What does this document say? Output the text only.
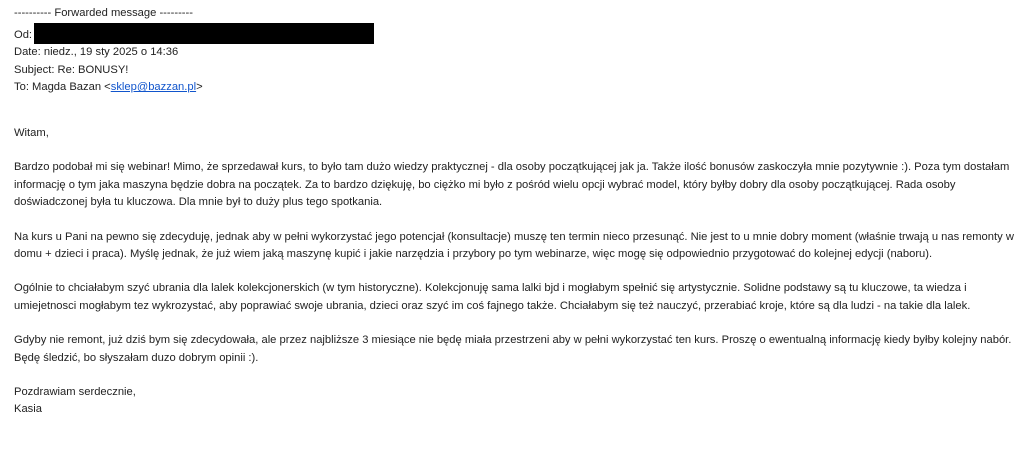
---------- Forwarded message ---------
Od:
Date: niedz., 19 sty 2025 o 14:36
Subject: Re: BONUSY!
To: Magda Bazan <sklep@bazzan.pl>

Witam,

Bardzo podobał mi się webinar! Mimo, że sprzedawał kurs, to było tam dużo wiedzy praktycznej - dla osoby początkującej jak ja. Także ilość bonusów zaskoczyła mnie pozytywnie :). Poza tym dostałam informację o tym jaka maszyna będzie dobra na początek. Za to bardzo dziękuję, bo ciężko mi było z pośród wielu opcji wybrać model, który byłby dobry dla osoby początkującej. Rada osoby doświadczonej była tu kluczowa. Dla mnie był to duży plus tego spotkania.

Na kurs u Pani na pewno się zdecyduję, jednak aby w pełni wykorzystać jego potencjał (konsultacje) muszę ten termin nieco przesunąć. Nie jest to u mnie dobry moment (właśnie trwają u nas remonty w domu + dzieci i praca). Myślę jednak, że już wiem jaką maszynę kupić i jakie narzędzia i przybory po tym webinarze, więc mogę się odpowiednio przygotować do kolejnej edycji (naboru).

Ogólnie to chciałabym szyć ubrania dla lalek kolekcjonerskich (w tym historyczne). Kolekcjonuję sama lalki bjd i mogłabym spełnić się artystycznie. Solidne podstawy są tu kluczowe, ta wiedza i umiejetnosci mogłabym tez wykrozystać, aby poprawiać swoje ubrania, dzieci oraz szyć im coś fajnego także. Chciałabym się też nauczyć, przerabiać kroje, które są dla ludzi - na takie dla lalek.

Gdyby nie remont, już dziś bym się zdecydowała, ale przez najbliższe 3 miesiące nie będę miała przestrzeni aby w pełni wykorzystać ten kurs. Proszę o ewentualną informację kiedy byłby kolejny nabór. Będę śledzić, bo słyszałam duzo dobrym opinii :).

Pozdrawiam serdecznie,

Kasia
